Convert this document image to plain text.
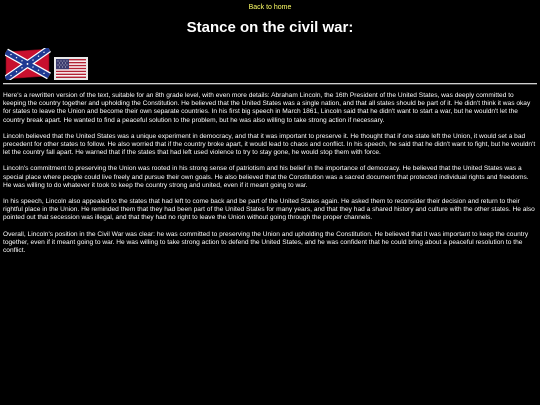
Back to home
Stance on the civil war:

Here's a rewritten version of the text, suitable for an 8th grade level, with even more details: Abraham Lincoln, the 16th President of the United States, was deeply committed to keeping the country together and upholding the Constitution. He believed that the United States was a single nation, and that all states should be part of it. He didn't think it was okay for states to leave the Union and become their own separate countries. In his first big speech in March 1861, Lincoln said that he didn't want to start a war, but he wouldn't let the country break apart. He wanted to find a peaceful solution to the problem, but he was also willing to take strong action if necessary.

Lincoln believed that the United States was a unique experiment in democracy, and that it was important to preserve it. He thought that if one state left the Union, it would set a bad precedent for other states to follow. He also worried that if the country broke apart, it would lead to chaos and conflict. In his speech, he said that he didn't want to fight, but he wouldn't let the country fall apart. He warned that if the states that had left used violence to try to stay gone, he would stop them with force.

Lincoln's commitment to preserving the Union was rooted in his strong sense of patriotism and his belief in the importance of democracy. He believed that the United States was a special place where people could live freely and pursue their own goals. He also believed that the Constitution was a sacred document that protected individual rights and freedoms. He was willing to do whatever it took to keep the country strong and united, even if it meant going to war.

In his speech, Lincoln also appealed to the states that had left to come back and be part of the United States again. He asked them to reconsider their decision and return to their rightful place in the Union. He reminded them that they had been part of the United States for many years, and that they had a shared history and culture with the other states. He also pointed out that secession was illegal, and that they had no right to leave the Union without going through the proper channels.

Overall, Lincoln's position in the Civil War was clear: he was committed to preserving the Union and upholding the Constitution. He believed that it was important to keep the country together, even if it meant going to war. He was willing to take strong action to defend the United States, and he was confident that he could bring about a peaceful resolution to the conflict.
